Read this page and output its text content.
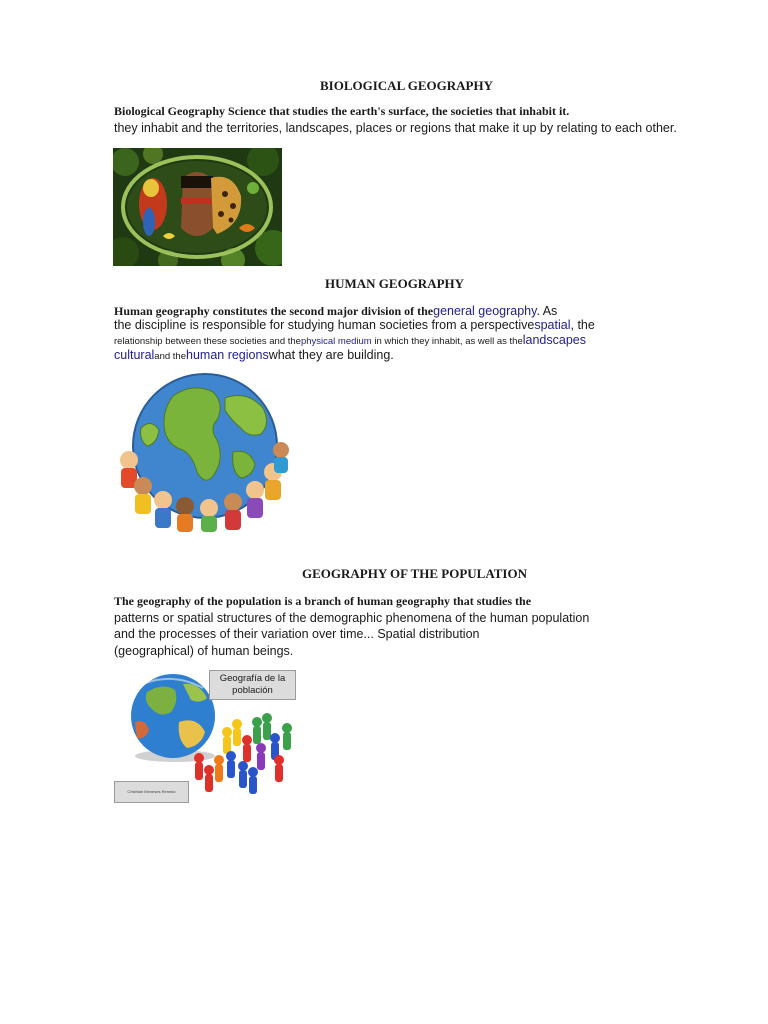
BIOLOGICAL GEOGRAPHY
Biological Geography Science that studies the earth's surface, the societies that inhabit it.
they inhabit and the territories, landscapes, places or regions that make it up by relating to each other.
HUMAN GEOGRAPHY
Human geography constitutes the second major division of thegeneral geography. As
the discipline is responsible for studying human societies from a perspectivespatial, the
relationship between these societies and thephysical medium in which they inhabit, as well as thelandscapes
culturaland thehuman regionswhat they are building.
GEOGRAPHY OF THE POPULATION
The geography of the population is a branch of human geography that studies the
patterns or spatial structures of the demographic phenomena of the human population
and the processes of their variation over time... Spatial distribution
(geographical) of human beings.
Geografía de la población
Cristhian Meneses Renedo
